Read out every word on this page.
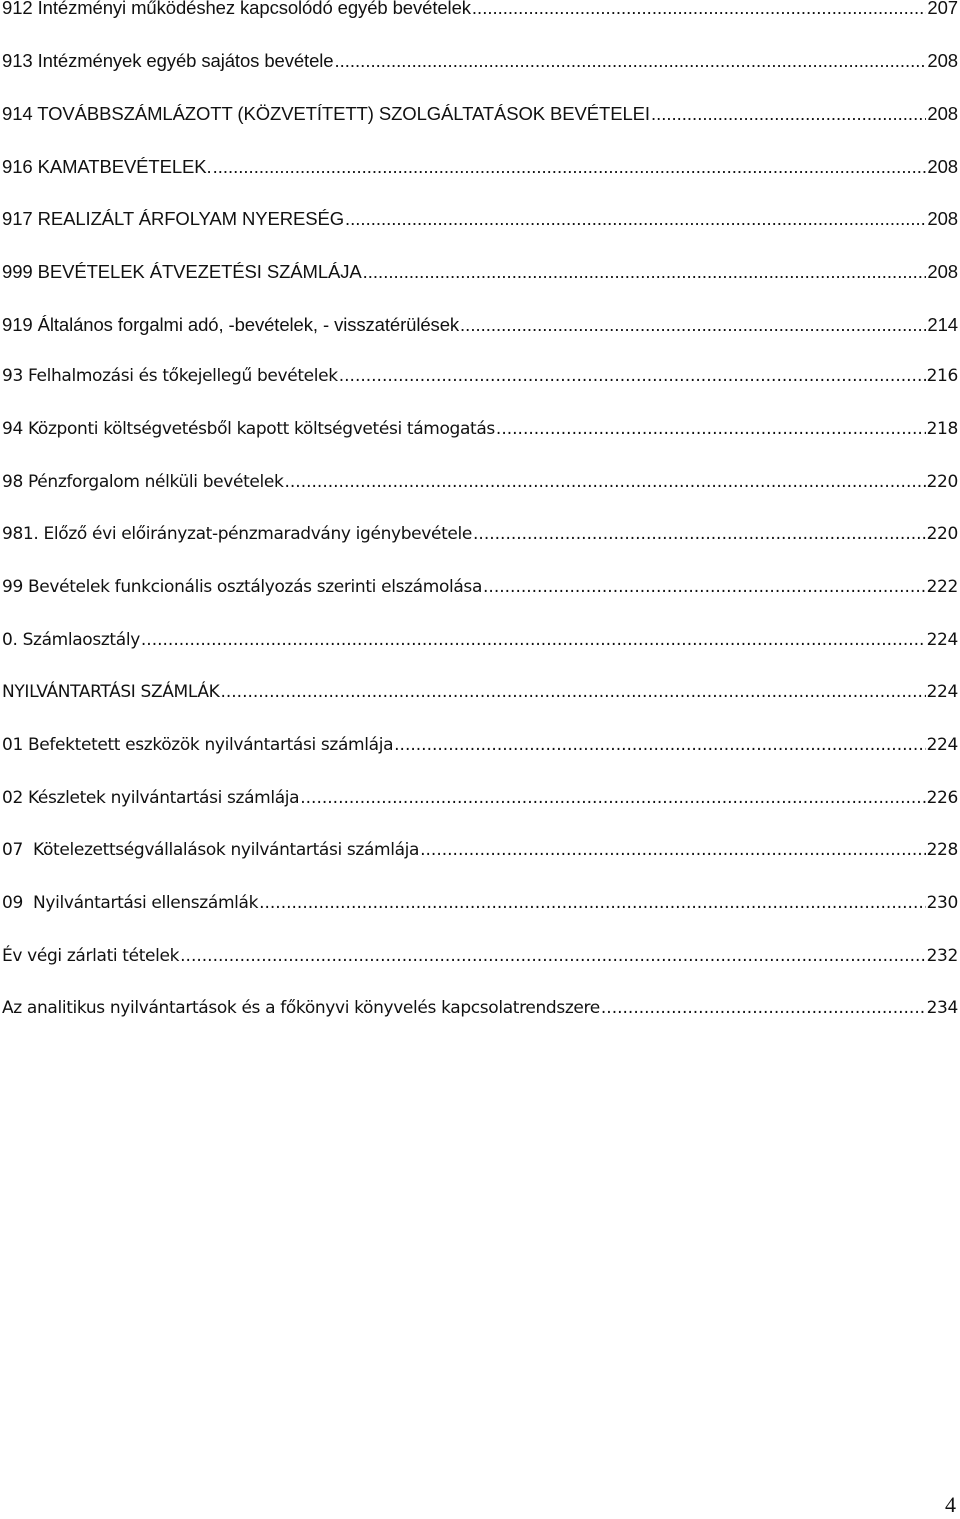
912 Intézményi működéshez kapcsolódó egyéb bevételek .....	207
913 Intézmények egyéb sajátos bevétele .....	208
914 TOVÁBBSZÁMLÁZOTT (KÖZVETÍTETT) SZOLGÁLTATÁSOK BEVÉTELEI .....	208
916 KAMATBEVÉTELEK. .....	208
917 REALIZÁLT ÁRFOLYAM NYERESÉG .....	208
999 BEVÉTELEK ÁTVEZETÉSI SZÁMLÁJA .....	208
919 Általános forgalmi adó, -bevételek, - visszatérülések .....	214
93 Felhalmozási és tőkejellegű bevételek .....	216
94 Központi költségvetésből kapott költségvetési támogatás .....	218
98 Pénzforgalom nélküli bevételek .....	220
981. Előző évi előirányzat-pénzmaradvány igénybevétele .....	220
99 Bevételek funkcionális osztályozás szerinti elszámolása .....	222
0. Számlaosztály .....	224
NYILVÁNTARTÁSI SZÁMLÁK .....	224
01 Befektetett eszközök nyilvántartási számlája .....	224
02 Készletek nyilvántartási számlája .....	226
07  Kötelezettségvállalások nyilvántartási számlája .....	228
09  Nyilvántartási ellenszámlák .....	230
Év végi zárlati tételek .....	232
Az analitikus nyilvántartások és a főkönyvi könyvelés kapcsolatrendszere .....	234
4
